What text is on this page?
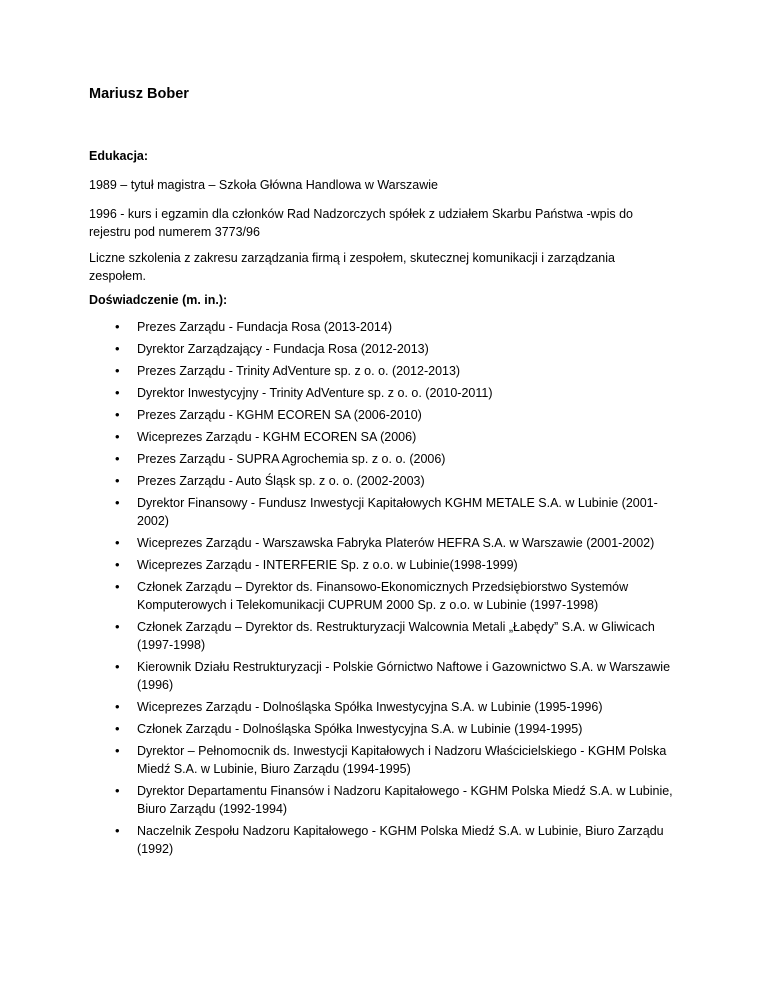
Mariusz Bober
Edukacja:
1989 – tytuł magistra – Szkoła Główna Handlowa w Warszawie
1996 - kurs i egzamin dla członków Rad Nadzorczych spółek z udziałem Skarbu Państwa -wpis do rejestru pod numerem 3773/96
Liczne szkolenia z zakresu zarządzania firmą i zespołem, skutecznej komunikacji i zarządzania zespołem.
Doświadczenie (m. in.):
• Prezes Zarządu - Fundacja Rosa (2013-2014)
• Dyrektor Zarządzający - Fundacja Rosa (2012-2013)
• Prezes Zarządu - Trinity AdVenture sp. z o. o. (2012-2013)
• Dyrektor Inwestycyjny - Trinity AdVenture sp. z o. o. (2010-2011)
• Prezes Zarządu - KGHM ECOREN SA (2006-2010)
• Wiceprezes Zarządu - KGHM ECOREN SA (2006)
• Prezes Zarządu - SUPRA Agrochemia sp. z o. o. (2006)
• Prezes Zarządu - Auto Śląsk sp. z o. o. (2002-2003)
• Dyrektor Finansowy - Fundusz Inwestycji Kapitałowych KGHM METALE S.A. w Lubinie (2001-2002)
• Wiceprezes Zarządu - Warszawska Fabryka Platerów HEFRA S.A. w Warszawie (2001-2002)
• Wiceprezes Zarządu - INTERFERIE Sp. z o.o. w Lubinie(1998-1999)
• Członek Zarządu – Dyrektor ds. Finansowo-Ekonomicznych Przedsiębiorstwo Systemów Komputerowych i Telekomunikacji CUPRUM 2000 Sp. z o.o. w Lubinie (1997-1998)
• Członek Zarządu – Dyrektor ds. Restrukturyzacji Walcownia Metali „Łabędy” S.A. w Gliwicach (1997-1998)
• Kierownik Działu Restrukturyzacji - Polskie Górnictwo Naftowe i Gazownictwo S.A. w Warszawie (1996)
• Wiceprezes Zarządu - Dolnośląska Spółka Inwestycyjna S.A. w Lubinie (1995-1996)
• Członek Zarządu - Dolnośląska Spółka Inwestycyjna S.A. w Lubinie (1994-1995)
• Dyrektor – Pełnomocnik ds. Inwestycji Kapitałowych i Nadzoru Właścicielskiego - KGHM Polska Miedź S.A. w Lubinie, Biuro Zarządu (1994-1995)
• Dyrektor Departamentu Finansów i Nadzoru Kapitałowego - KGHM Polska Miedź S.A. w Lubinie, Biuro Zarządu (1992-1994)
• Naczelnik Zespołu Nadzoru Kapitałowego - KGHM Polska Miedź S.A. w Lubinie, Biuro Zarządu (1992)
